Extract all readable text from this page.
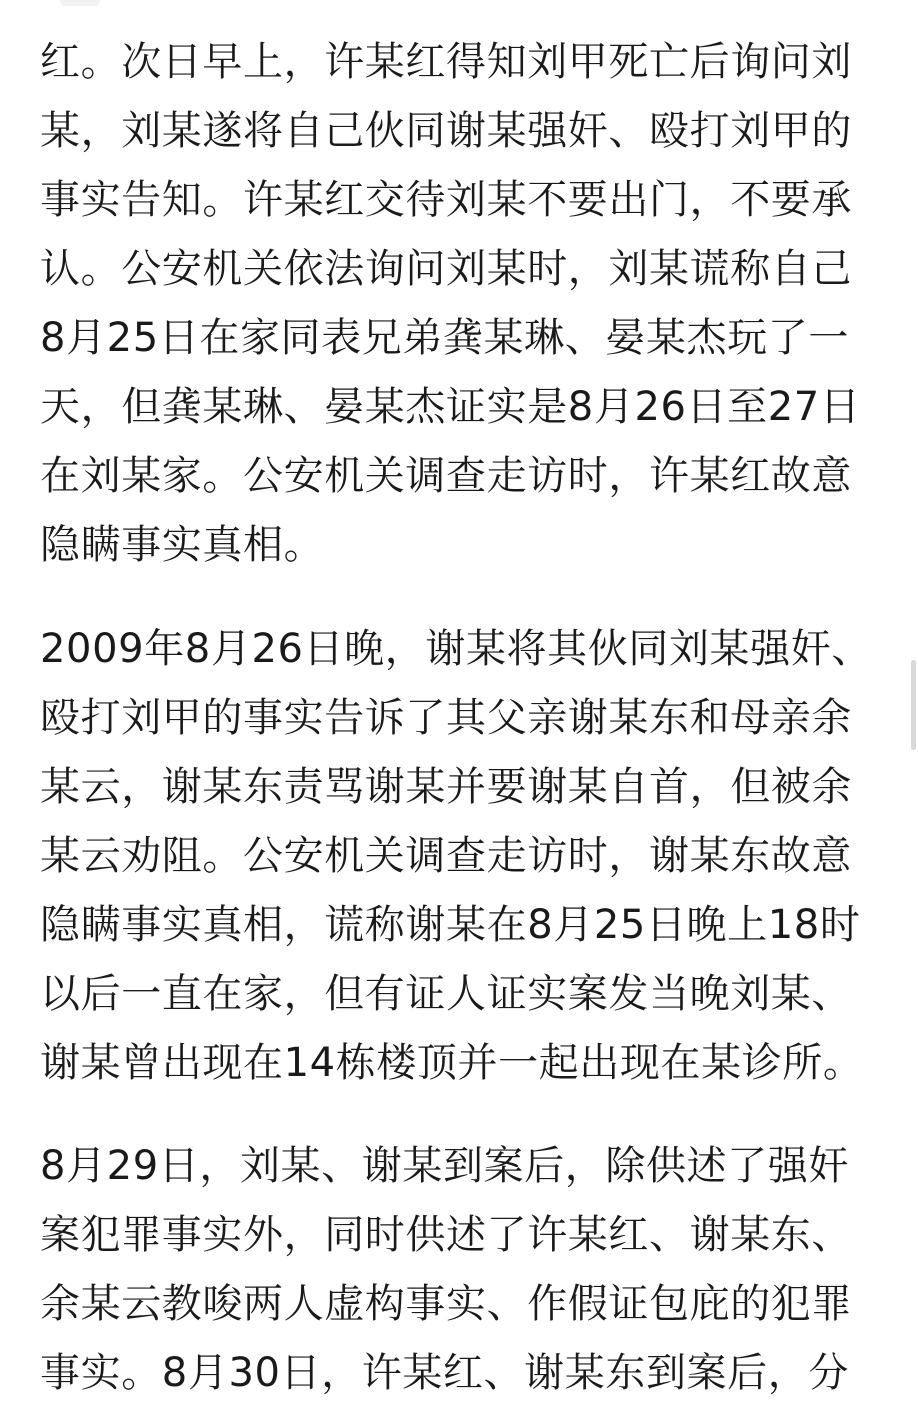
红。次日早上，许某红得知刘甲死亡后询问刘
某，刘某遂将自己伙同谢某强奸、殴打刘甲的
事实告知。许某红交待刘某不要出门，不要承
认。公安机关依法询问刘某时，刘某谎称自己
8月25日在家同表兄弟龚某琳、晏某杰玩了一
天，但龚某琳、晏某杰证实是8月26日至27日
在刘某家。公安机关调查走访时，许某红故意
隐瞒事实真相。
2009年8月26日晚，谢某将其伙同刘某强奸、
殴打刘甲的事实告诉了其父亲谢某东和母亲余
某云，谢某东责骂谢某并要谢某自首，但被余
某云劝阻。公安机关调查走访时，谢某东故意
隐瞒事实真相，谎称谢某在8月25日晚上18时
以后一直在家，但有证人证实案发当晚刘某、
谢某曾出现在14栋楼顶并一起出现在某诊所。
8月29日，刘某、谢某到案后，除供述了强奸
案犯罪事实外，同时供述了许某红、谢某东、
余某云教唆两人虚构事实、作假证包庇的犯罪
事实。8月30日，许某红、谢某东到案后，分
